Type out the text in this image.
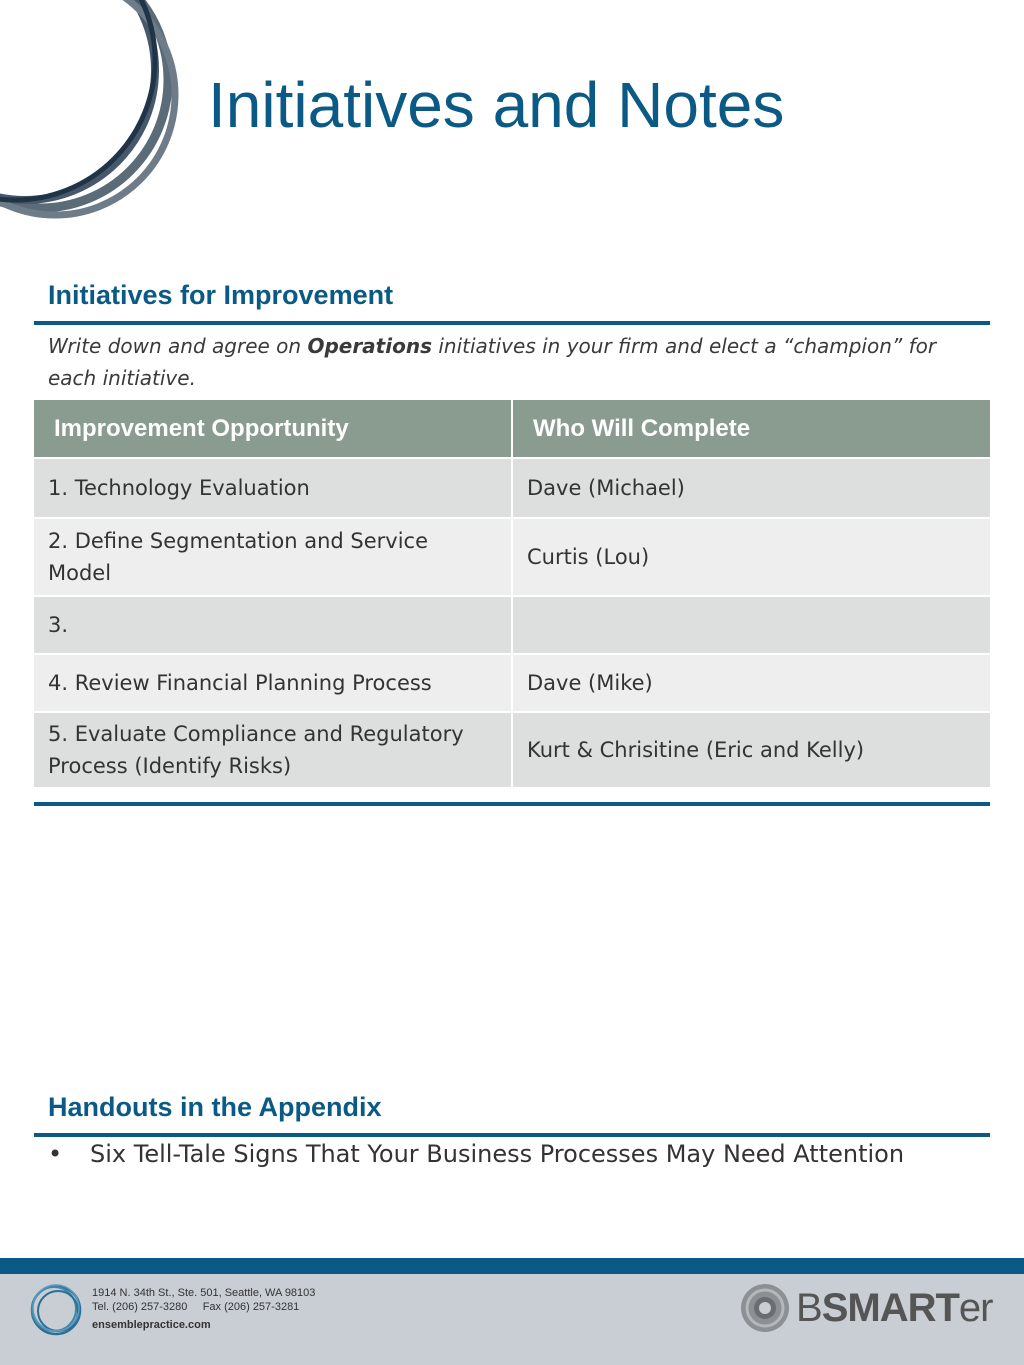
Initiatives and Notes
Initiatives for Improvement

Write down and agree on Operations initiatives in your firm and elect a “champion” for each initiative.

Improvement Opportunity	Who Will Complete
1. Technology Evaluation	Dave (Michael)
2. Define Segmentation and Service Model	Curtis (Lou)
3.	
4. Review Financial Planning Process	Dave (Mike)
5. Evaluate Compliance and Regulatory Process (Identify Risks)	Kurt & Chrisitine (Eric and Kelly)
Handouts in the Appendix
•	Six Tell-Tale Signs That Your Business Processes May Need Attention
1914 N. 34th St., Ste. 501, Seattle, WA 98103
Tel. (206) 257-3280 Fax (206) 257-3281
ensemblepractice.com	BSMARTer
